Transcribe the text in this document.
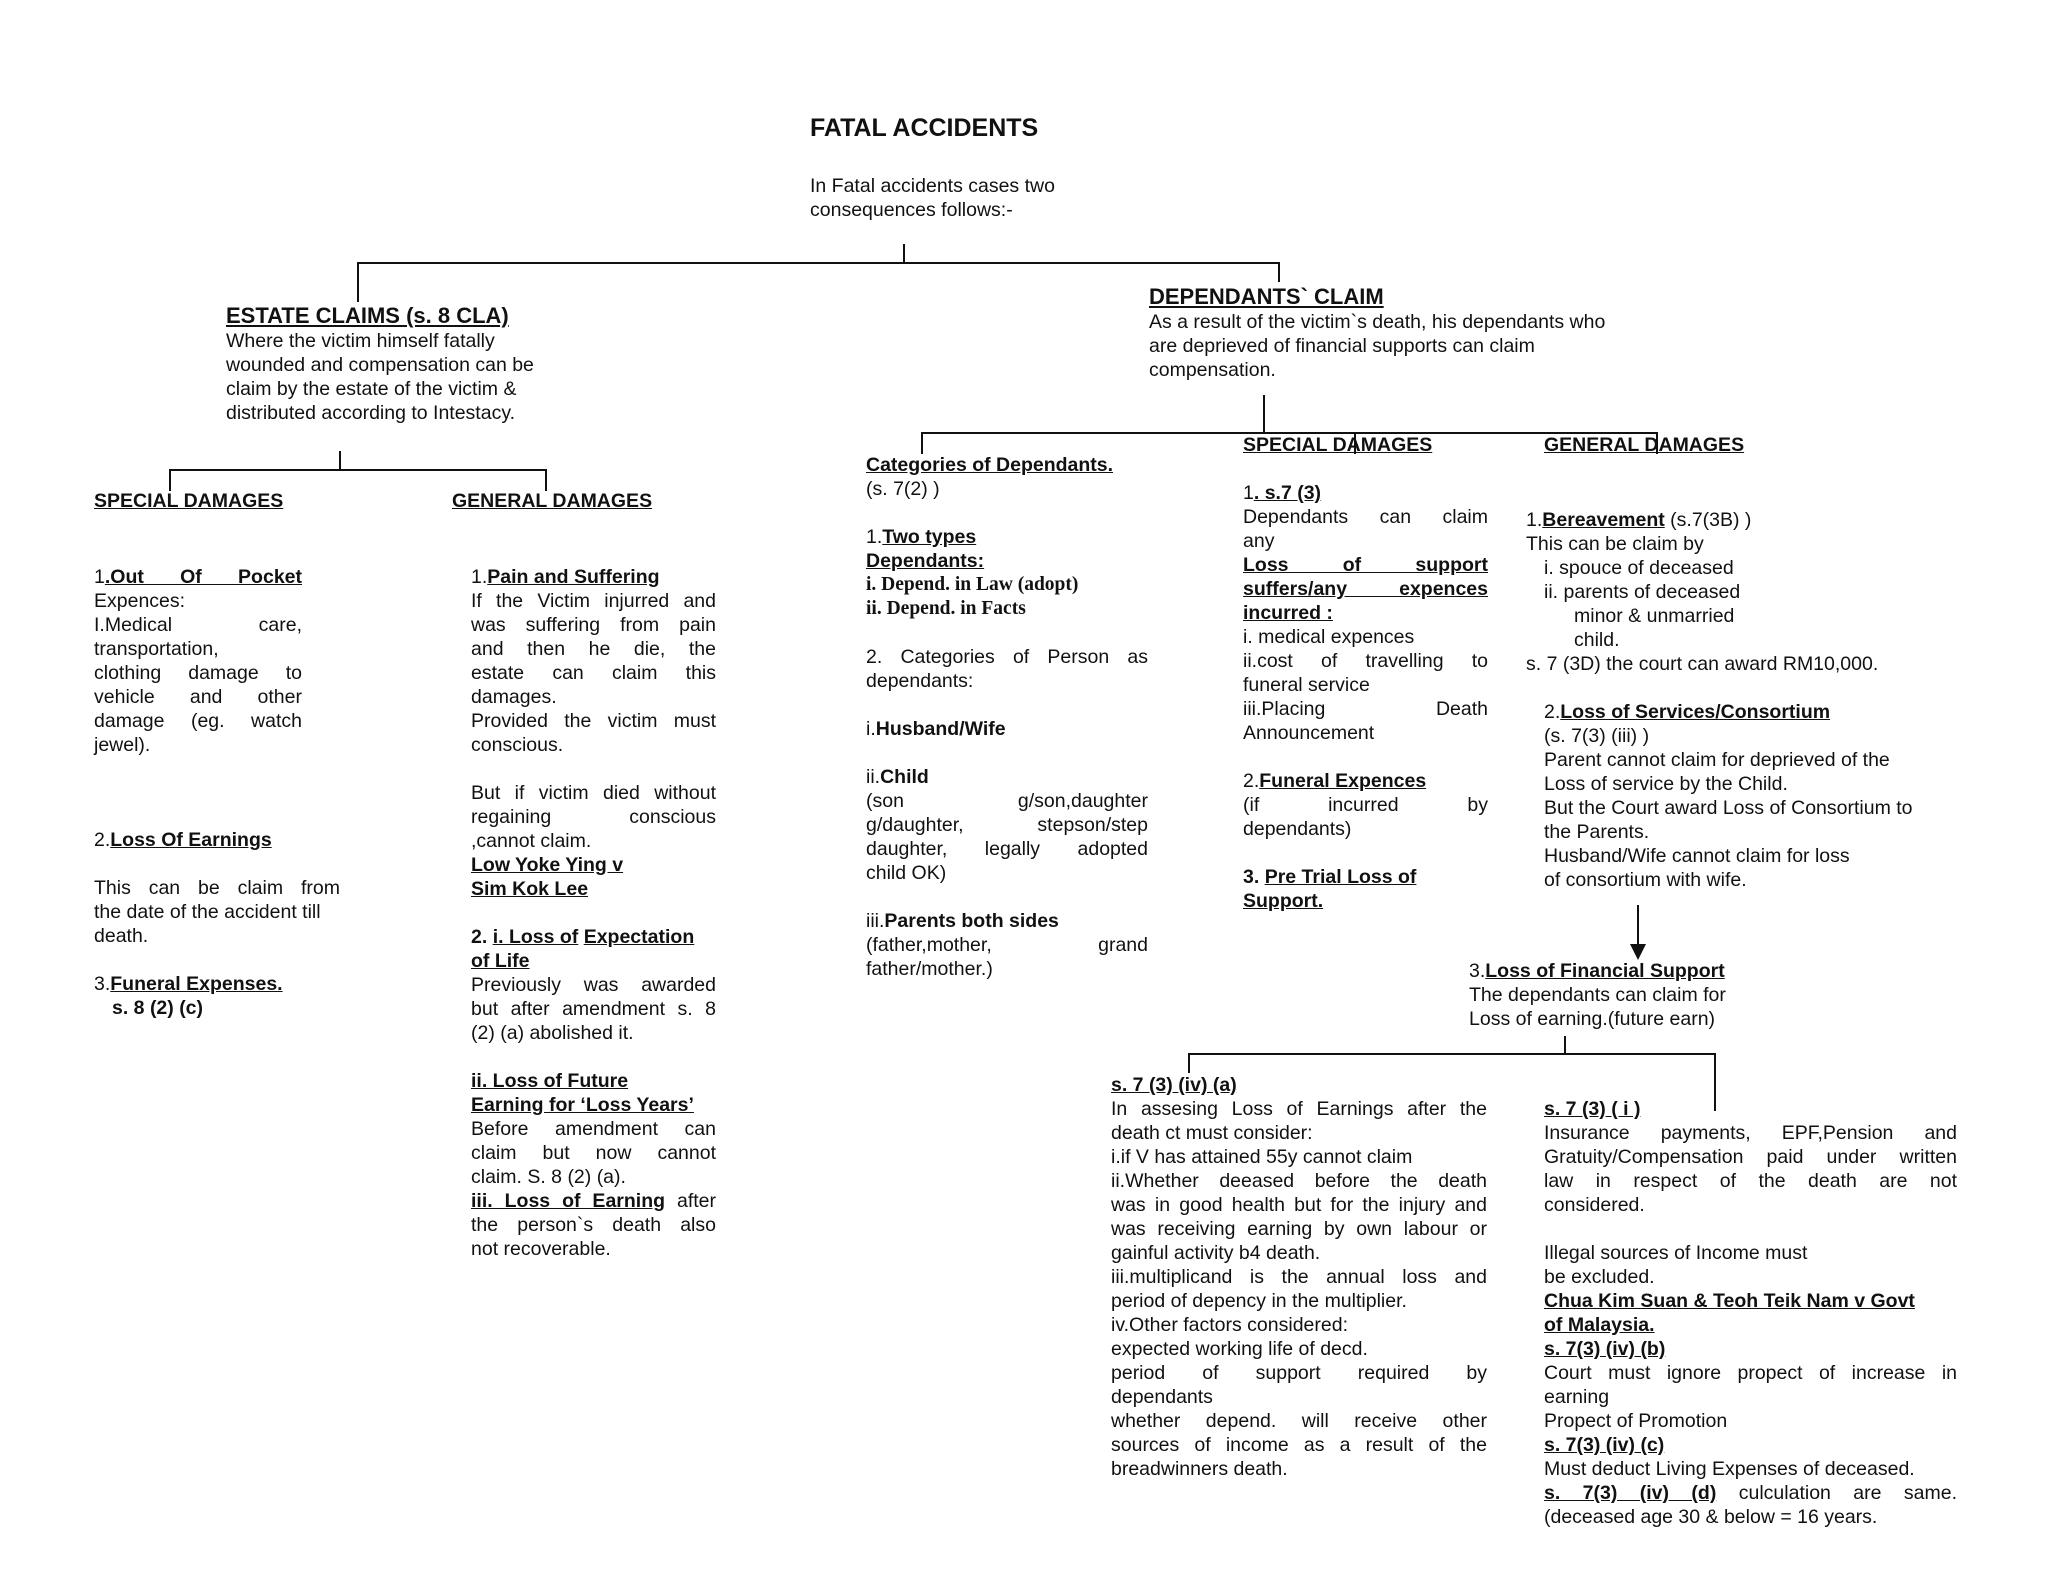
FATAL ACCIDENTS
In Fatal accidents cases two
consequences follows:-
ESTATE CLAIMS (s. 8 CLA)
Where the victim himself fatally
wounded and compensation can be
claim by the estate of the victim &
distributed according to Intestacy.
SPECIAL DAMAGES
1.Out Of Pocket
Expences:
I.Medical care,
transportation,
clothing damage to
vehicle and other
damage (eg. watch
jewel).
2.Loss Of Earnings
This can be claim from
the date of the accident till
death.
3.Funeral Expenses.
s. 8 (2) (c)
GENERAL DAMAGES
1.Pain and Suffering
If the Victim injurred and
was suffering from pain
and then he die, the
estate can claim this
damages.
Provided the victim must
conscious.
But if victim died without
regaining conscious
,cannot claim.
Low Yoke Ying v
Sim Kok Lee
2. i. Loss of Expectation
of Life
Previously was awarded
but after amendment s. 8
(2) (a) abolished it.
ii. Loss of Future
Earning for ‘Loss Years’
Before amendment can
claim but now cannot
claim. S. 8 (2) (a).
iii. Loss of Earning after
the person`s death also
not recoverable.
DEPENDANTS` CLAIM
As a result of the victim`s death, his dependants who
are deprieved of financial supports can claim
compensation.
Categories of Dependants.
(s. 7(2) )
1.Two types
Dependants:
i. Depend. in Law (adopt)
ii. Depend. in Facts
2. Categories of Person as
dependants:
i.Husband/Wife
ii.Child
(son g/son,daughter
g/daughter, stepson/step
daughter, legally adopted
child OK)
iii.Parents both sides
(father,mother, grand
father/mother.)
SPECIAL DAMAGES
1. s.7 (3)
Dependants can claim
any
Loss of support
suffers/any expences
incurred :
i. medical expences
ii.cost of travelling to
funeral service
iii.Placing Death
Announcement
2.Funeral Expences
(if incurred by
dependants)
3. Pre Trial Loss of
Support.
GENERAL DAMAGES
1.Bereavement (s.7(3B) )
This can be claim by
i. spouce of deceased
ii. parents of deceased
minor & unmarried
child.
s. 7 (3D) the court can award RM10,000.
2.Loss of Services/Consortium
(s. 7(3) (iii) )
Parent cannot claim for deprieved of the
Loss of service by the Child.
But the Court award Loss of Consortium to
the Parents.
Husband/Wife cannot claim for loss
of consortium with wife.
3.Loss of Financial Support
The dependants can claim for
Loss of earning.(future earn)
s. 7 (3) (iv) (a)
In assesing Loss of Earnings after the
death ct must consider:
i.if V has attained 55y cannot claim
ii.Whether deeased before the death
was in good health but for the injury and
was receiving earning by own labour or
gainful activity b4 death.
iii.multiplicand is the annual loss and
period of depency in the multiplier.
iv.Other factors considered:
expected working life of decd.
period of support required by
dependants
whether depend. will receive other
sources of income as a result of the
breadwinners death.
s. 7 (3) ( i )
Insurance payments, EPF,Pension and
Gratuity/Compensation paid under written
law in respect of the death are not
considered.
Illegal sources of Income must
be excluded.
Chua Kim Suan & Teoh Teik Nam v Govt
of Malaysia.
s. 7(3) (iv) (b)
Court must ignore propect of increase in
earning
Propect of Promotion
s. 7(3) (iv) (c)
Must deduct Living Expenses of deceased.
s. 7(3) (iv) (d) culculation are same.
(deceased age 30 & below = 16 years.
